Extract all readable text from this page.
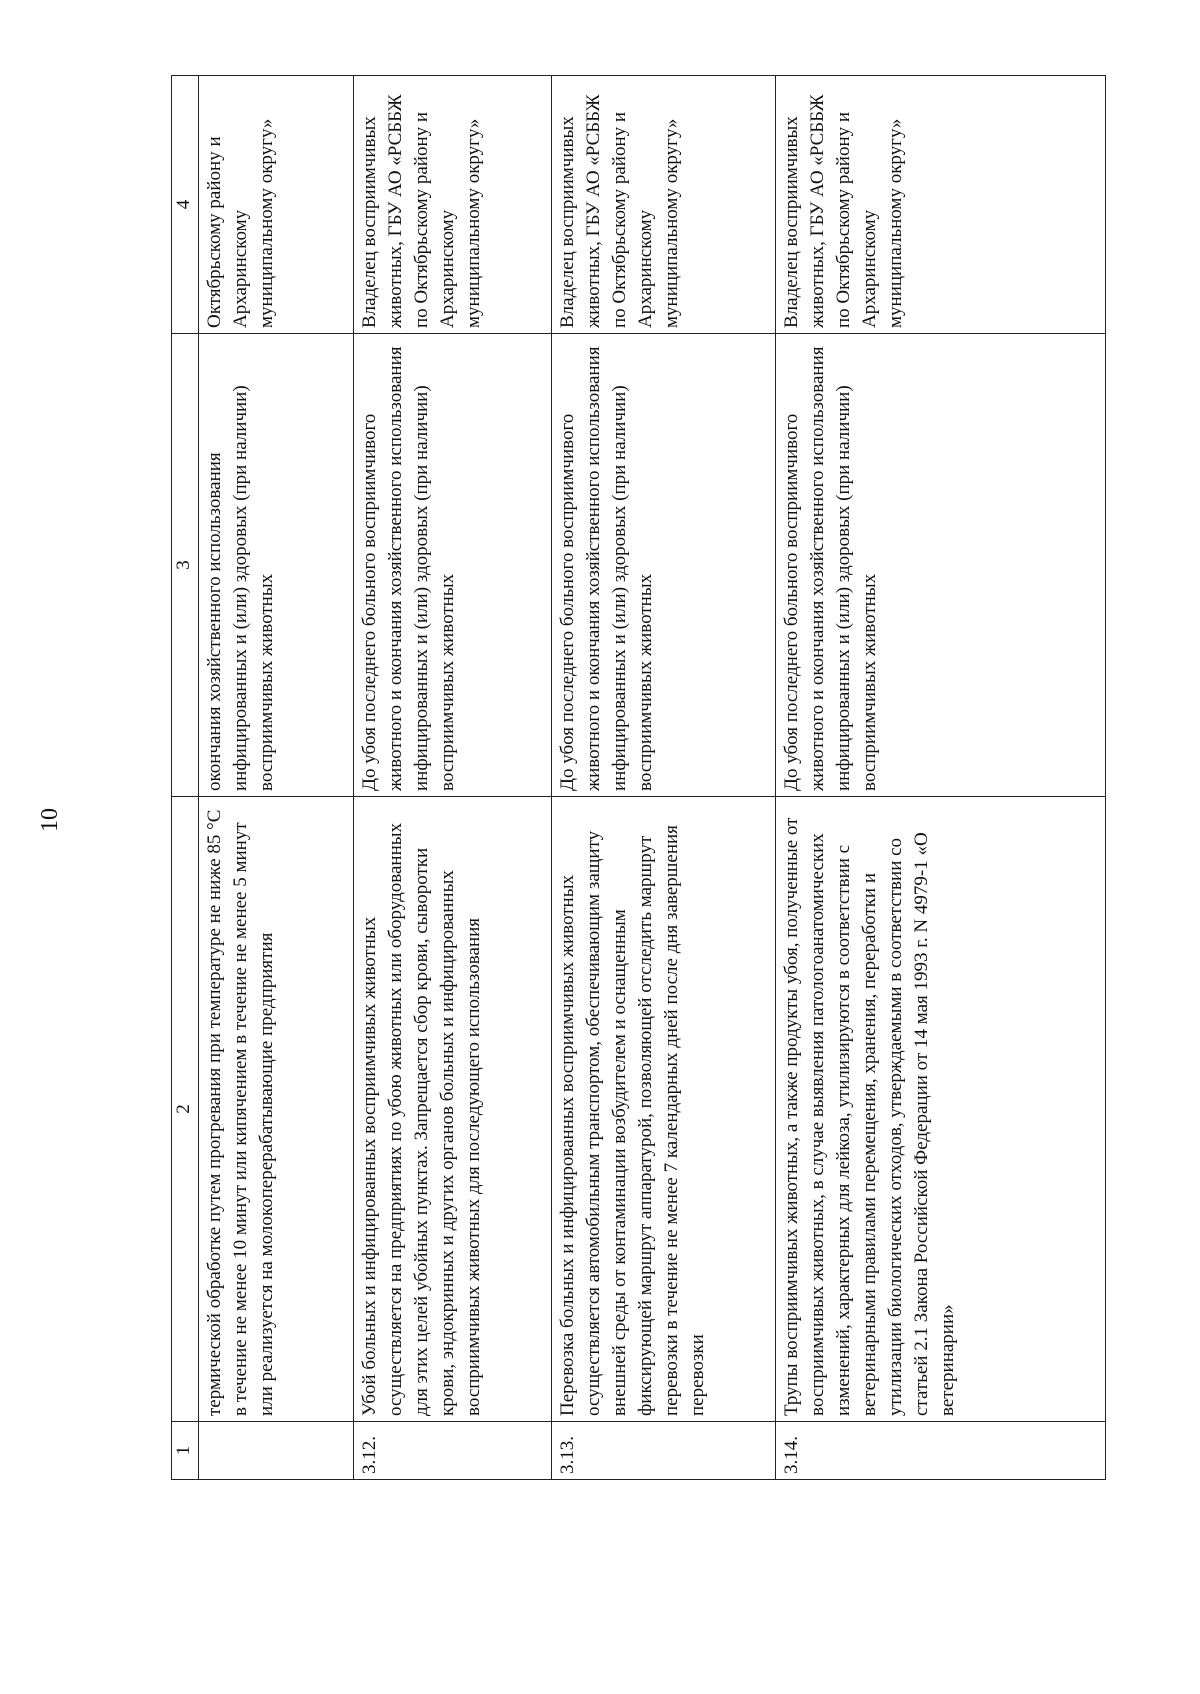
10
1	2	3	4
	термической обработке путем прогревания при температуре не ниже 85 °С в течение не менее 10 минут или кипячением в течение не менее 5 минут или реализуется на молокоперерабатывающие предприятия	окончания хозяйственного использования инфицированных и (или) здоровых (при наличии) восприимчивых животных	Октябрьскому району и Архаринскому муниципальному округу»
3.12.	Убой больных и инфицированных восприимчивых животных осуществляется на предприятиях по убою животных или оборудованных для этих целей убойных пунктах. Запрещается сбор крови, сыворотки крови, эндокринных и других органов больных и инфицированных восприимчивых животных для последующего использования	До убоя последнего больного восприимчивого животного и окончания хозяйственного использования инфицированных и (или) здоровых (при наличии) восприимчивых животных	Владелец восприимчивых животных, ГБУ АО «РСББЖ по Октябрьскому району и Архаринскому муниципальному округу»
3.13.	Перевозка больных и инфицированных восприимчивых животных осуществляется автомобильным транспортом, обеспечивающим защиту внешней среды от контаминации возбудителем и оснащенным фиксирующей маршрут аппаратурой, позволяющей отследить маршрут перевозки в течение не менее 7 календарных дней после дня завершения перевозки	До убоя последнего больного восприимчивого животного и окончания хозяйственного использования инфицированных и (или) здоровых (при наличии) восприимчивых животных	Владелец восприимчивых животных, ГБУ АО «РСББЖ по Октябрьскому району и Архаринскому муниципальному округу»
3.14.	Трупы восприимчивых животных, а также продукты убоя, полученные от восприимчивых животных, в случае выявления патологоанатомических изменений, характерных для лейкоза, утилизируются в соответствии с ветеринарными правилами перемещения, хранения, переработки и утилизации биологических отходов, утверждаемыми в соответствии со статьей 2.1 Закона Российской Федерации от 14 мая 1993 г. N 4979-1 «О ветеринарии»	До убоя последнего больного восприимчивого животного и окончания хозяйственного использования инфицированных и (или) здоровых (при наличии) восприимчивых животных	Владелец восприимчивых животных, ГБУ АО «РСББЖ по Октябрьскому району и Архаринскому муниципальному округу»
